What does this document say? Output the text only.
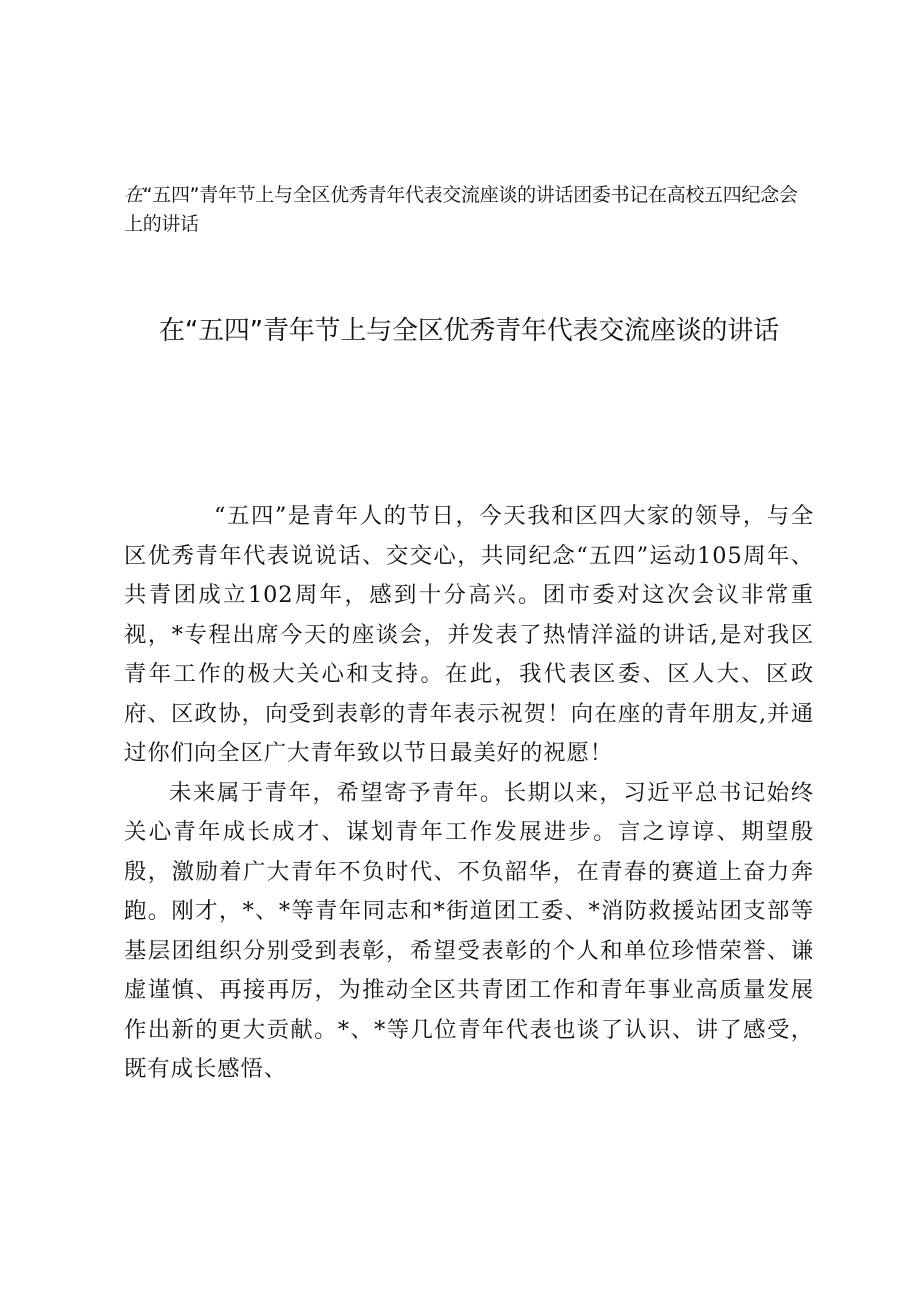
在“五四”青年节上与全区优秀青年代表交流座谈的讲话团委书记在高校五四纪念会上的讲话
在“五四”青年节上与全区优秀青年代表交流座谈的讲话

“五四”是青年人的节日，今天我和区四大家的领导，与全区优秀青年代表说说话、交交心，共同纪念“五四”运动105周年、共青团成立102周年，感到十分高兴。团市委对这次会议非常重视，*专程出席今天的座谈会，并发表了热情洋溢的讲话,是对我区青年工作的极大关心和支持。在此，我代表区委、区人大、区政府、区政协，向受到表彰的青年表示祝贺！向在座的青年朋友,并通过你们向全区广大青年致以节日最美好的祝愿！

未来属于青年，希望寄予青年。长期以来，习近平总书记始终关心青年成长成才、谋划青年工作发展进步。言之谆谆、期望殷殷，激励着广大青年不负时代、不负韶华，在青春的赛道上奋力奔跑。刚才，*、*等青年同志和*街道团工委、*消防救援站团支部等基层团组织分别受到表彰，希望受表彰的个人和单位珍惜荣誉、谦虚谨慎、再接再厉，为推动全区共青团工作和青年事业高质量发展作出新的更大贡献。*、*等几位青年代表也谈了认识、讲了感受，既有成长感悟、
